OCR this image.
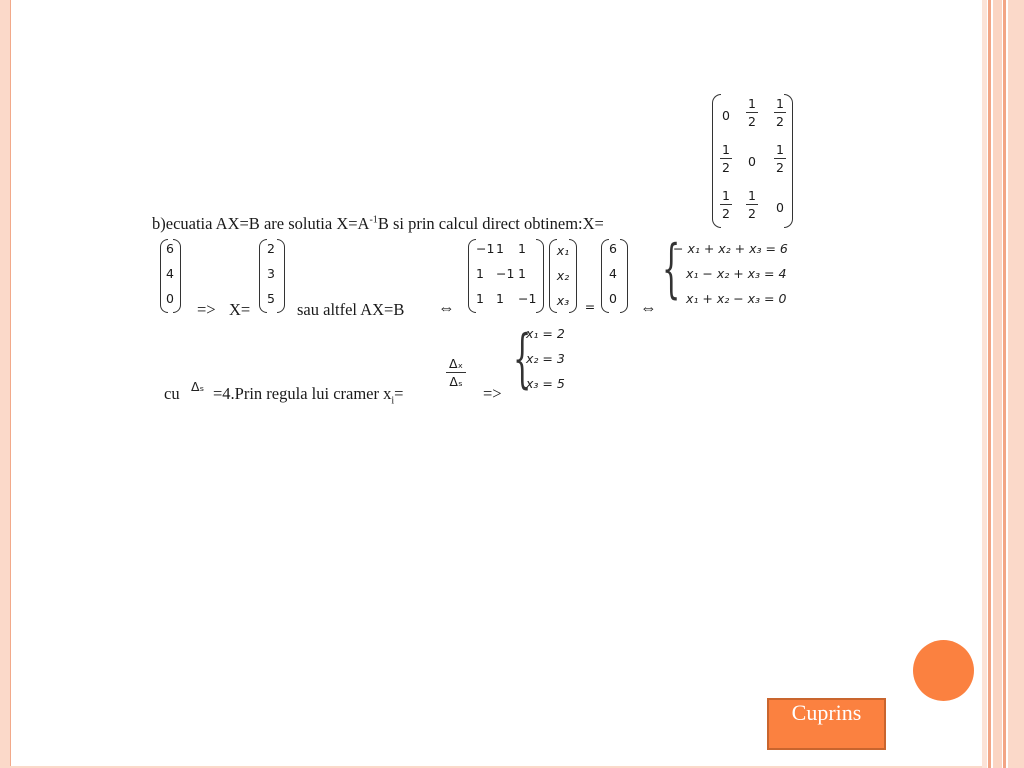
b)ecuatia AX=B are solutia $X=A^{-1}B$ si prin calcul direct obtinem:X=
0
1
2
1
2
1
2 0
1
2
1
2
1
2 0
6
4
0
=> X=
2
3
5
sau altfel AX=B ⇔
−1 1 1
1 −1 1
1 1 −1
x₁
x₂
x₃	=
6
4
0 ⇔
{
− x₁ + x₂ + x₃ = 6
x₁ − x₂ + x₃ = 4
x₁ + x₂ − x₃ = 0
{
x₁ = 2
x₂ = 3
x₃ = 5
cu Δₛ =4.Prin regula lui cramer $x_i=$
Δₓ
Δₛ
=>
Cuprins
